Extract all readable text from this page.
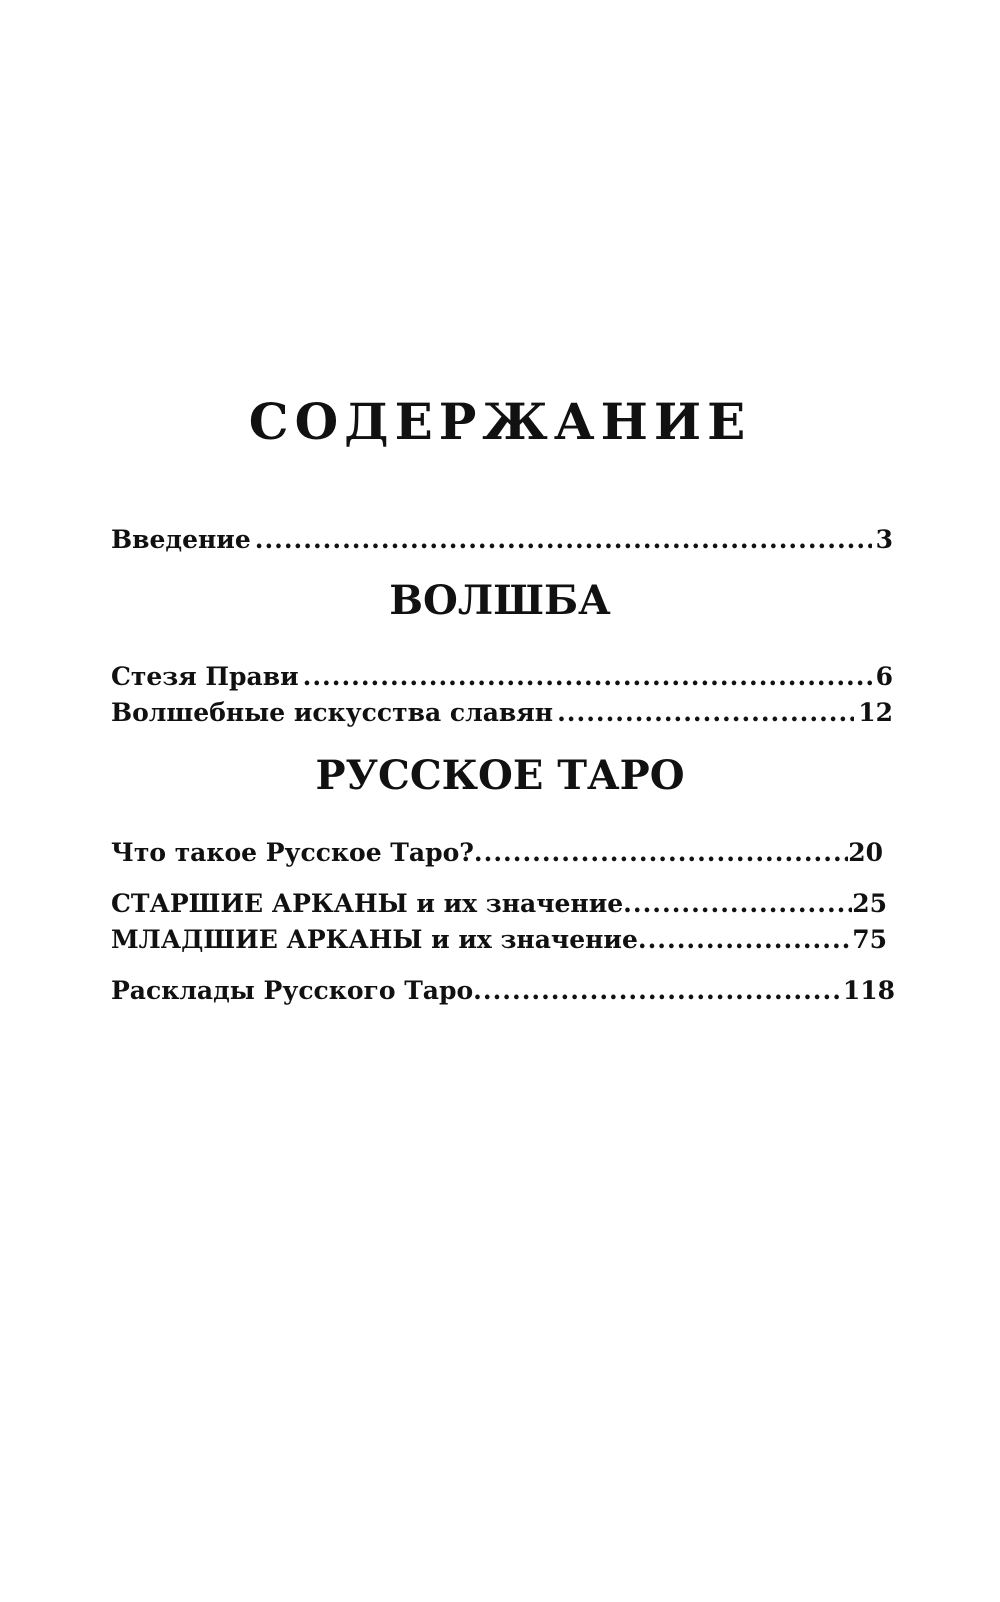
СОДЕРЖАНИЕ
Введение .....	3
ВОЛШБА
Стезя Прави .....	6
Волшебные искусства славян .....	12
РУССКОЕ ТАРО
Что такое Русское Таро? .....	20
СТАРШИЕ АРКАНЫ и их значение .....	25
МЛАДШИЕ АРКАНЫ и их значение .....	75
Расклады Русского Таро .....	118
